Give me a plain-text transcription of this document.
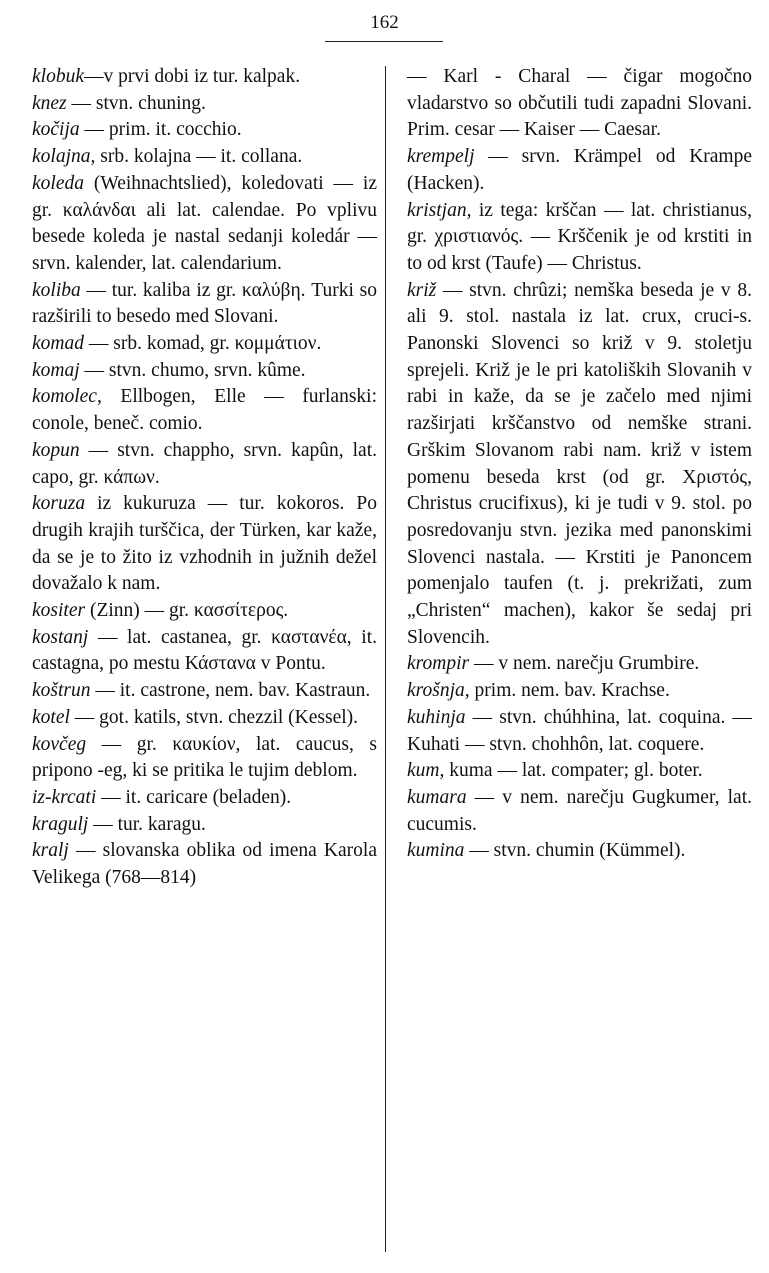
162

klobuk—v prvi dobi iz tur. kalpak.

knez — stvn. chuning.

kočija — prim. it. cocchio.

kolajna, srb. kolajna — it. collana.

koleda (Weihnachtslied), koledovati — iz gr. καλάνδαι ali lat. calendae. Po vplivu besede koleda je nastal sedanji koledár — srvn. kalender, lat. calendarium.

koliba — tur. kaliba iz gr. καλύβη. Turki so razširili to besedo med Slovani.

komad — srb. komad, gr. κομμάτιον.

komaj — stvn. chumo, srvn. kûme.

komolec, Ellbogen, Elle — furlanski: conole, beneč. comio.

kopun — stvn. chappho, srvn. kapûn, lat. capo, gr. κάπων.

koruza iz kukuruza — tur. kokoros. Po drugih krajih turščica, der Türken, kar kaže, da se je to žito iz vzhodnih in južnih dežel dovažalo k nam.

kositer (Zinn) — gr. κασσίτερος.

kostanj — lat. castanea, gr. καστανέα, it. castagna, po mestu Κάστανα v Pontu.

koštrun — it. castrone, nem. bav. Kastraun.

kotel — got. katils, stvn. chezzil (Kessel).

kovčeg — gr. καυκίον, lat. caucus, s pripono -eg, ki se pritika le tujim deblom.

iz-krcati — it. caricare (beladen).

kragulj — tur. karagu.

kralj — slovanska oblika od imena Karola Velikega (768—814)

— Karl - Charal — čigar mogočno vladarstvo so občutili tudi zapadni Slovani. Prim. cesar — Kaiser — Caesar.

krempelj — srvn. Krämpel od Krampe (Hacken).

kristjan, iz tega: krščan — lat. christianus, gr. χριστιανός. — Krščenik je od krstiti in to od krst (Taufe) — Christus.

križ — stvn. chrûzi; nemška beseda je v 8. ali 9. stol. nastala iz lat. crux, cruci-s. Panonski Slovenci so križ v 9. stoletju sprejeli. Križ je le pri katoliških Slovanih v rabi in kaže, da se je začelo med njimi razširjati krščanstvo od nemške strani. Grškim Slovanom rabi nam. križ v istem pomenu beseda krst (od gr. Χριστός, Christus crucifixus), ki je tudi v 9. stol. po posredovanju stvn. jezika med panonskimi Slovenci nastala. — Krstiti je Panoncem pomenjalo taufen (t. j. prekrižati, zum „Christen“ machen), kakor še sedaj pri Slovencih.

krompir — v nem. narečju Grumbire.

krošnja, prim. nem. bav. Krachse.

kuhinja — stvn. chúhhina, lat. coquina. — Kuhati — stvn. chohhôn, lat. coquere.

kum, kuma — lat. compater; gl. boter.

kumara — v nem. narečju Gugkumer, lat. cucumis.

kumina — stvn. chumin (Kümmel).
